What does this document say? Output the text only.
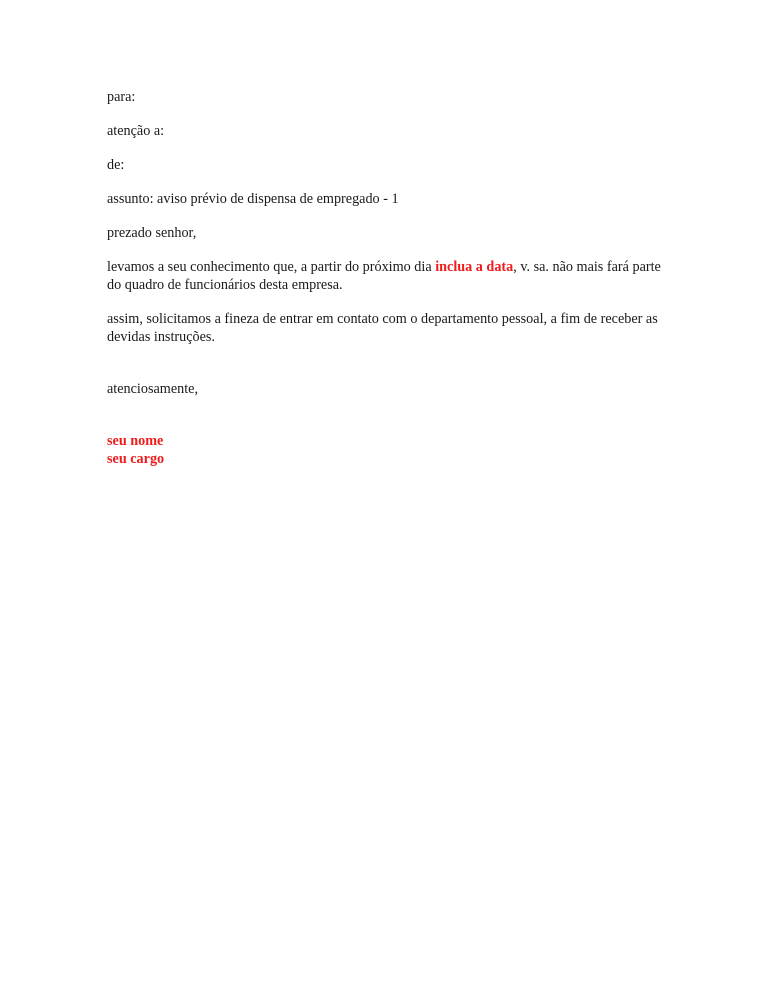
para:

atenção a:

de:

assunto: aviso prévio de dispensa de empregado - 1

prezado senhor,

levamos a seu conhecimento que, a partir do próximo dia inclua a data, v. sa. não mais fará parte do quadro de funcionários desta empresa.

assim, solicitamos a fineza de entrar em contato com o departamento pessoal, a fim de receber as devidas instruções.

atenciosamente,

seu nome

seu cargo
